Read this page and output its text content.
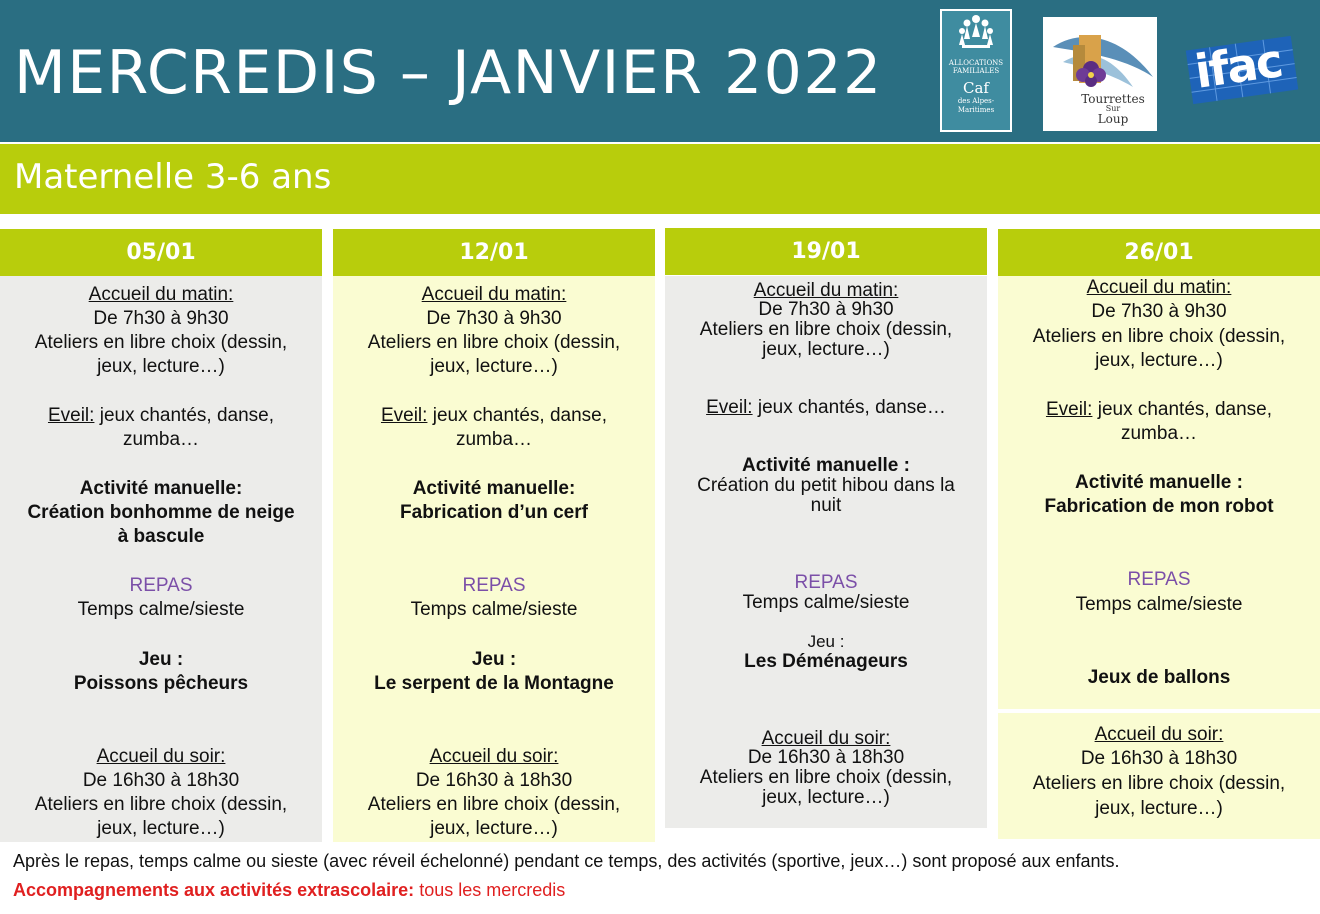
MERCREDIS – JANVIER 2022	ALLOCATIONS
FAMILIALES
Caf
des Alpes-
Maritimes
Tourrettes
Sur
Loup
ifac
Maternelle 3-6 ans
05/01
Accueil du matin:
De 7h30 à 9h30
Ateliers en libre choix (dessin,
jeux, lecture…)
Eveil: jeux chantés, danse,
zumba…
Activité manuelle:
Création bonhomme de neige
à bascule
REPAS
Temps calme/sieste
Jeu :
Poissons pêcheurs
Accueil du soir:
De 16h30 à 18h30
Ateliers en libre choix (dessin,
jeux, lecture…)
12/01
Accueil du matin:
De 7h30 à 9h30
Ateliers en libre choix (dessin,
jeux, lecture…)
Eveil: jeux chantés, danse,
zumba…
Activité manuelle:
Fabrication d’un cerf
REPAS
Temps calme/sieste
Jeu :
Le serpent de la Montagne
Accueil du soir:
De 16h30 à 18h30
Ateliers en libre choix (dessin,
jeux, lecture…)
19/01
Accueil du matin:
De 7h30 à 9h30
Ateliers en libre choix (dessin,
jeux, lecture…)
Eveil: jeux chantés, danse…
Activité manuelle :
Création du petit hibou dans la
nuit
REPAS
Temps calme/sieste
Jeu :
Les Déménageurs
Accueil du soir:
De 16h30 à 18h30
Ateliers en libre choix (dessin,
jeux, lecture…)
26/01
Accueil du matin:
De 7h30 à 9h30
Ateliers en libre choix (dessin,
jeux, lecture…)
Eveil: jeux chantés, danse,
zumba…
Activité manuelle :
Fabrication de mon robot
REPAS
Temps calme/sieste
Jeux de ballons
Accueil du soir:
De 16h30 à 18h30
Ateliers en libre choix (dessin,
jeux, lecture…)
Après le repas, temps calme ou sieste (avec réveil échelonné) pendant ce temps, des activités (sportive, jeux…) sont proposé aux enfants.
Accompagnements aux activités extrascolaire: tous les mercredis
